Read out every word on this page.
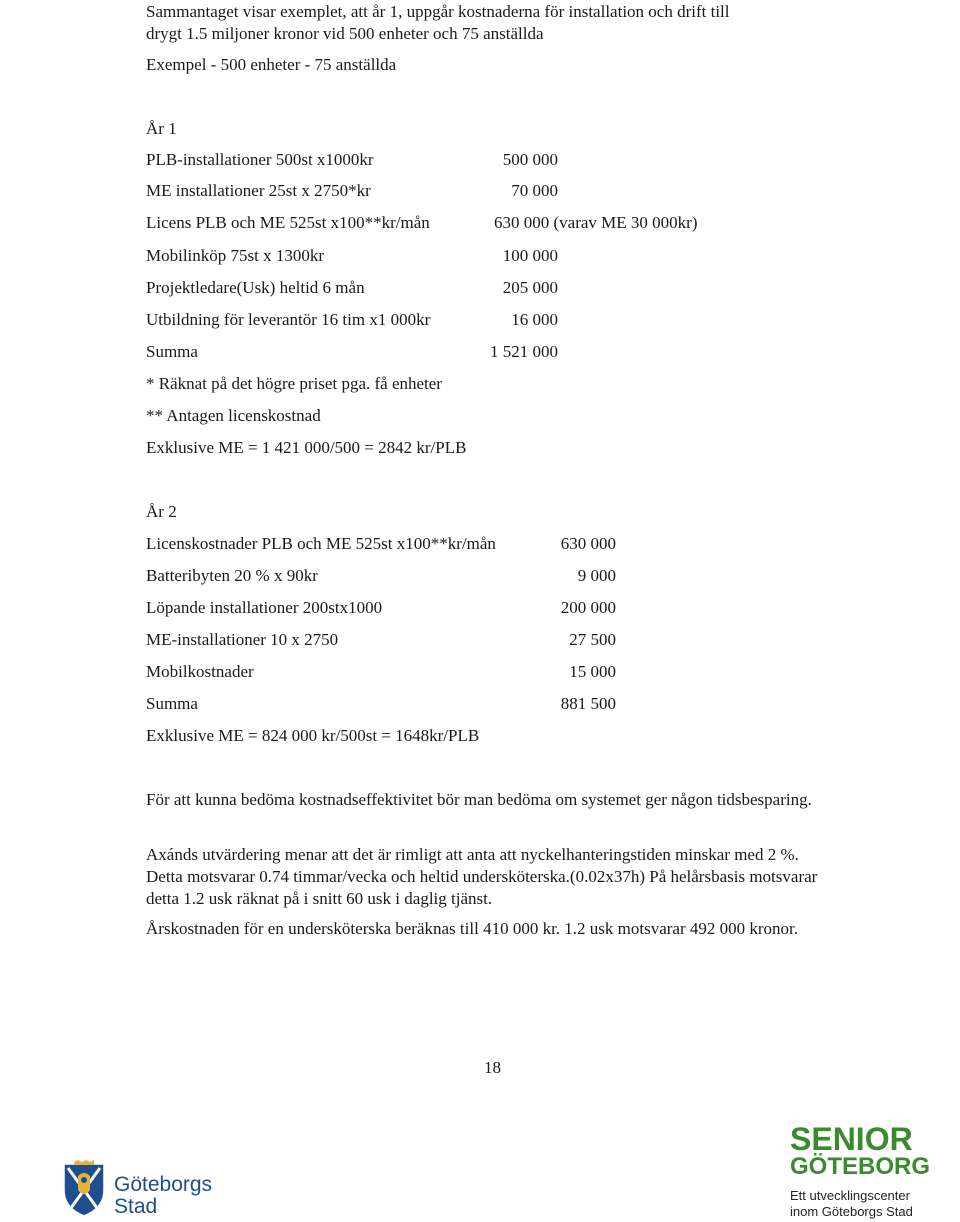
Sammantaget visar exemplet, att år 1, uppgår kostnaderna för installation och drift till
drygt 1.5 miljoner kronor vid 500 enheter och 75 anställda
Exempel - 500 enheter - 75 anställda
År 1
PLB-installationer 500st x1000kr	500 000
ME installationer 25st x 2750*kr	70 000
Licens PLB och ME 525st x100**kr/mån	630 000 (varav ME 30 000kr)
Mobilinköp 75st x 1300kr	100 000
Projektledare(Usk) heltid 6 mån	205 000
Utbildning för leverantör 16 tim x1 000kr	16 000
Summa	1 521 000
* Räknat på det högre priset pga. få enheter
** Antagen licenskostnad
Exklusive ME = 1 421 000/500 = 2842 kr/PLB
År 2
Licenskostnader PLB och ME 525st x100**kr/mån	630 000
Batteribyten 20 % x 90kr	9 000
Löpande installationer 200stx1000	200 000
ME-installationer 10 x 2750	27 500
Mobilkostnader	15 000
Summa	881 500
Exklusive ME = 824 000 kr/500st = 1648kr/PLB
För att kunna bedöma kostnadseffektivitet bör man bedöma om systemet ger någon tidsbesparing.
Axánds utvärdering menar att det är rimligt att anta att nyckelhanteringstiden minskar med 2 %. Detta motsvarar 0.74 timmar/vecka och heltid undersköterska.(0.02x37h) På helårsbasis motsvarar detta 1.2 usk räknat på i snitt 60 usk i daglig tjänst.
Årskostnaden för en undersköterska beräknas till 410 000 kr. 1.2 usk motsvarar 492 000 kronor.
18
Göteborgs
Stad
SENIOR
GÖTEBORG
Ett utvecklingscenter
inom Göteborgs Stad
